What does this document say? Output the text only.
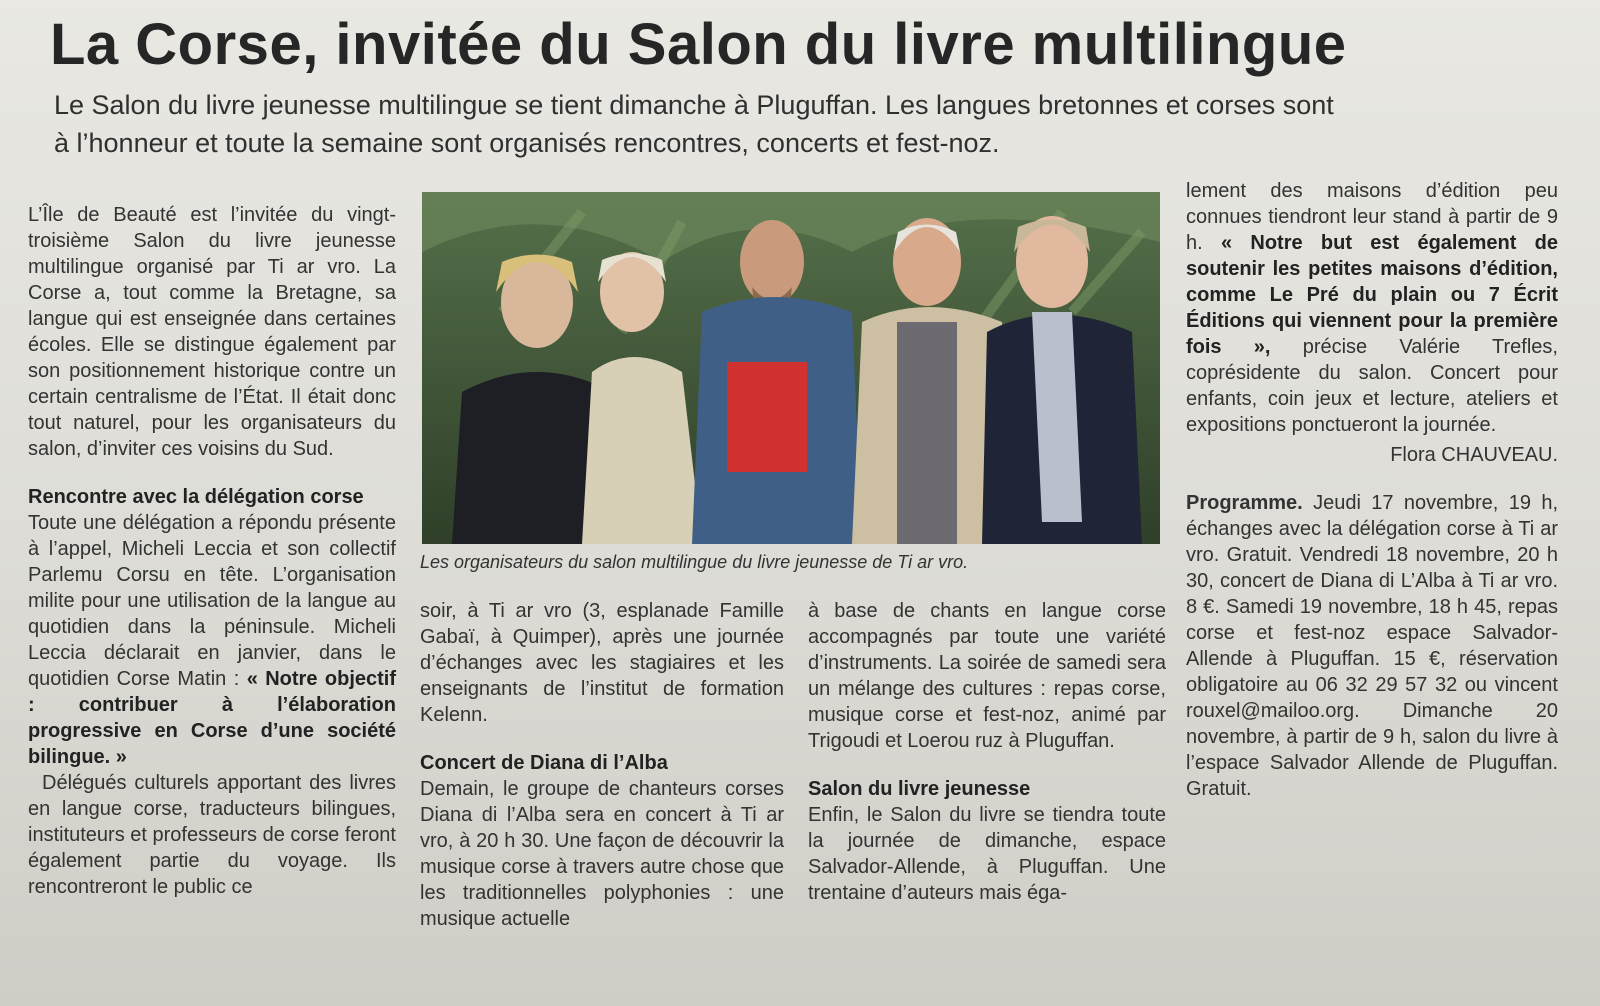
La Corse, invitée du Salon du livre multilingue

Le Salon du livre jeunesse multilingue se tient dimanche à Pluguffan. Les langues bretonnes et corses sont à l’honneur et toute la semaine sont organisés rencontres, concerts et fest-noz.

L’Île de Beauté est l’invitée du vingt-troisième Salon du livre jeunesse multilingue organisé par Ti ar vro. La Corse a, tout comme la Bretagne, sa langue qui est enseignée dans certaines écoles. Elle se distingue également par son positionnement historique contre un certain centralisme de l’État. Il était donc tout naturel, pour les organisateurs du salon, d’inviter ces voisins du Sud.

Rencontre avec la délégation corse

Toute une délégation a répondu présente à l’appel, Micheli Leccia et son collectif Parlemu Corsu en tête. L’organisation milite pour une utilisation de la langue au quotidien dans la péninsule. Micheli Leccia déclarait en janvier, dans le quotidien Corse Matin : « Notre objectif : contribuer à l’élaboration progressive en Corse d’une société bilingue. »

Délégués culturels apportant des livres en langue corse, traducteurs bilingues, instituteurs et professeurs de corse feront également partie du voyage. Ils rencontreront le public ce

Les organisateurs du salon multilingue du livre jeunesse de Ti ar vro.

soir, à Ti ar vro (3, esplanade Famille Gabaï, à Quimper), après une journée d’échanges avec les stagiaires et les enseignants de l’institut de formation Kelenn.

Concert de Diana di l’Alba

Demain, le groupe de chanteurs corses Diana di l’Alba sera en concert à Ti ar vro, à 20 h 30. Une façon de découvrir la musique corse à travers autre chose que les traditionnelles polyphonies : une musique actuelle

à base de chants en langue corse accompagnés par toute une variété d’instruments. La soirée de samedi sera un mélange des cultures : repas corse, musique corse et fest-noz, animé par Trigoudi et Loerou ruz à Pluguffan.

Salon du livre jeunesse

Enfin, le Salon du livre se tiendra toute la journée de dimanche, espace Salvador-Allende, à Pluguffan. Une trentaine d’auteurs mais éga-

lement des maisons d’édition peu connues tiendront leur stand à partir de 9 h. « Notre but est également de soutenir les petites maisons d’édition, comme Le Pré du plain ou 7 Écrit Éditions qui viennent pour la première fois », précise Valérie Trefles, coprésidente du salon. Concert pour enfants, coin jeux et lecture, ateliers et expositions ponctueront la journée.

Flora CHAUVEAU.

Programme. Jeudi 17 novembre, 19 h, échanges avec la délégation corse à Ti ar vro. Gratuit. Vendredi 18 novembre, 20 h 30, concert de Diana di L’Alba à Ti ar vro. 8 €. Samedi 19 novembre, 18 h 45, repas corse et fest-noz espace Salvador-Allende à Pluguffan. 15 €, réservation obligatoire au 06 32 29 57 32 ou vincent rouxel@mailoo.org. Dimanche 20 novembre, à partir de 9 h, salon du livre à l’espace Salvador Allende de Pluguffan. Gratuit.
